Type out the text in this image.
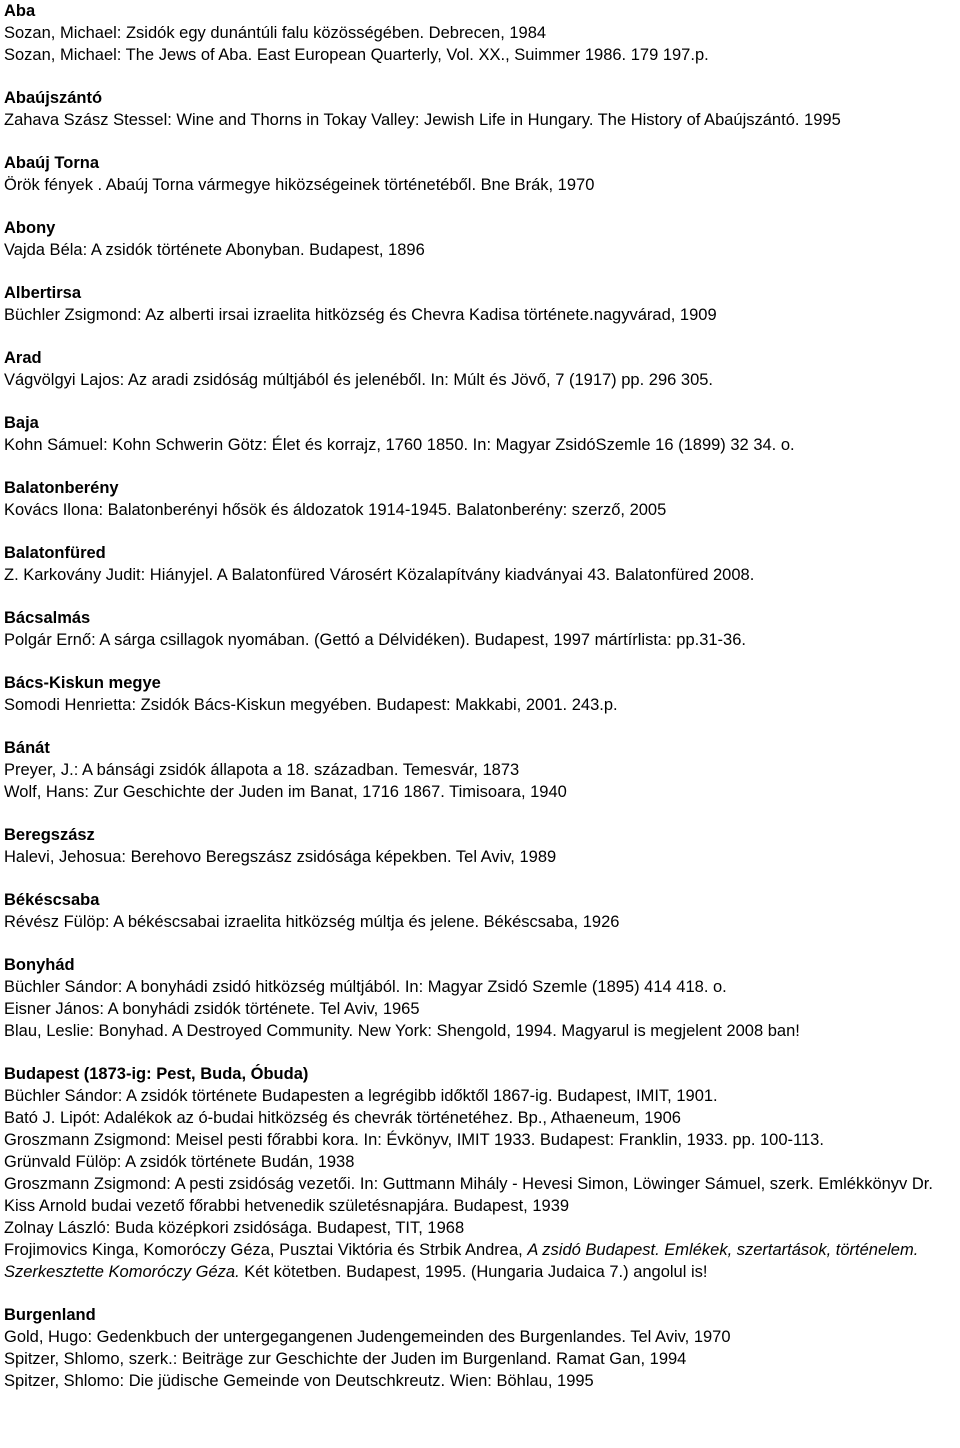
Aba
Sozan, Michael: Zsidók egy dunántúli falu közösségében. Debrecen, 1984
Sozan, Michael: The Jews of Aba. East European Quarterly, Vol. XX., Suimmer 1986. 179 197.p.
Abaújszántó
Zahava Szász Stessel: Wine and Thorns in Tokay Valley: Jewish Life in Hungary. The History of Abaújszántó. 1995
Abaúj Torna
Örök fények . Abaúj Torna vármegye hiközségeinek történetéből. Bne Brák, 1970
Abony
Vajda Béla: A zsidók története Abonyban. Budapest, 1896
Albertirsa
Büchler Zsigmond: Az alberti irsai izraelita hitközség és Chevra Kadisa története.nagyvárad, 1909
Arad
Vágvölgyi Lajos: Az aradi zsidóság múltjából és jelenéből. In: Múlt és Jövő, 7 (1917) pp. 296 305.
Baja
Kohn Sámuel: Kohn Schwerin Götz: Élet és korrajz, 1760 1850. In: Magyar ZsidóSzemle 16 (1899) 32 34. o.
Balatonberény
Kovács Ilona: Balatonberényi hősök és áldozatok 1914-1945. Balatonberény: szerző, 2005
Balatonfüred
Z. Karkovány Judit: Hiányjel. A Balatonfüred Városért Közalapítvány kiadványai 43. Balatonfüred 2008.
Bácsalmás
Polgár Ernő: A sárga csillagok nyomában. (Gettó a Délvidéken). Budapest, 1997 mártírlista: pp.31-36.
Bács-Kiskun megye
Somodi Henrietta: Zsidók Bács-Kiskun megyében. Budapest: Makkabi, 2001. 243.p.
Bánát
Preyer, J.: A bánsági zsidók állapota a 18. században. Temesvár, 1873
Wolf, Hans: Zur Geschichte der Juden im Banat, 1716 1867. Timisoara, 1940
Beregszász
Halevi, Jehosua: Berehovo Beregszász zsidósága képekben. Tel Aviv, 1989
Békéscsaba
Révész Fülöp: A békéscsabai izraelita hitközség múltja és jelene. Békéscsaba, 1926
Bonyhád
Büchler Sándor: A bonyhádi zsidó hitközség múltjából. In: Magyar Zsidó Szemle (1895) 414 418. o.
Eisner János: A bonyhádi zsidók története. Tel Aviv, 1965
Blau, Leslie: Bonyhad. A Destroyed Community. New York: Shengold, 1994. Magyarul is megjelent 2008 ban!
Budapest (1873-ig: Pest, Buda, Óbuda)
Büchler Sándor: A zsidók története Budapesten a legrégibb időktől 1867-ig. Budapest, IMIT, 1901.
Bató J. Lipót: Adalékok az ó-budai hitközség és chevrák történetéhez. Bp., Athaeneum, 1906
Groszmann Zsigmond: Meisel pesti főrabbi kora. In: Évkönyv, IMIT 1933. Budapest: Franklin, 1933. pp. 100-113.
Grünvald Fülöp: A zsidók története Budán, 1938
Groszmann Zsigmond: A pesti zsidóság vezetői. In: Guttmann Mihály - Hevesi Simon, Löwinger Sámuel, szerk. Emlékkönyv Dr. Kiss Arnold budai vezető főrabbi hetvenedik születésnapjára. Budapest, 1939
Zolnay László: Buda középkori zsidósága. Budapest, TIT, 1968
Frojimovics Kinga, Komoróczy Géza, Pusztai Viktória és Strbik Andrea, A zsidó Budapest. Emlékek, szertartások, történelem. Szerkesztette Komoróczy Géza. Két kötetben. Budapest, 1995. (Hungaria Judaica 7.) angolul is!
Burgenland
Gold, Hugo: Gedenkbuch der untergegangenen Judengemeinden des Burgenlandes. Tel Aviv, 1970
Spitzer, Shlomo, szerk.: Beiträge zur Geschichte der Juden im Burgenland. Ramat Gan, 1994
Spitzer, Shlomo: Die jüdische Gemeinde von Deutschkreutz. Wien: Böhlau, 1995
